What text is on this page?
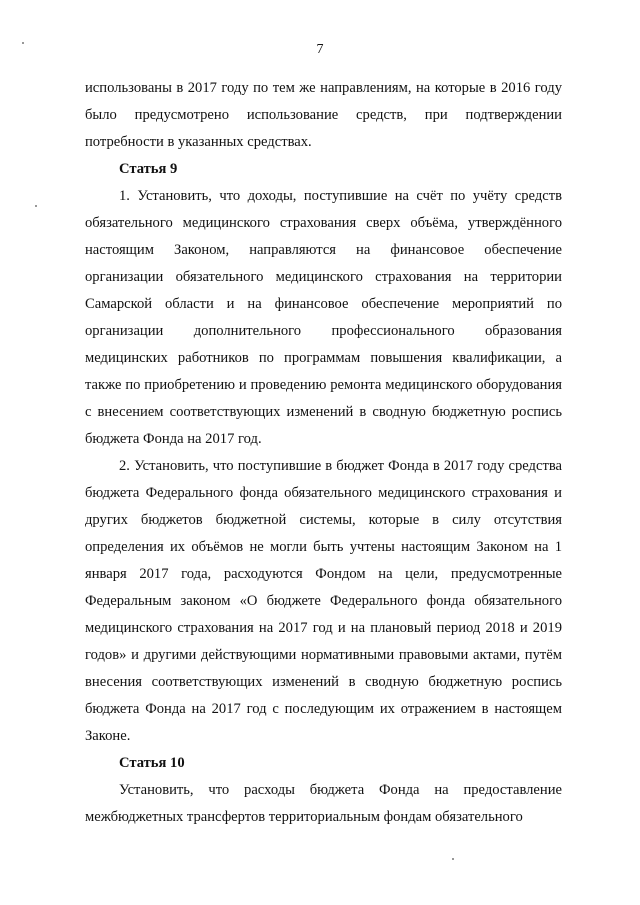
7

использованы в 2017 году по тем же направлениям, на которые в 2016 году было предусмотрено использование средств, при подтверждении потребности в указанных средствах.

Статья 9

1. Установить, что доходы, поступившие на счёт по учёту средств обязательного медицинского страхования сверх объёма, утверждённого настоящим Законом, направляются на финансовое обеспечение организации обязательного медицинского страхования на территории Самарской области и на финансовое обеспечение мероприятий по организации дополнительного профессионального образования медицинских работников по программам повышения квалификации, а также по приобретению и проведению ремонта медицинского оборудования с внесением соответствующих изменений в сводную бюджетную роспись бюджета Фонда на 2017 год.

2. Установить, что поступившие в бюджет Фонда в 2017 году средства бюджета Федерального фонда обязательного медицинского страхования и других бюджетов бюджетной системы, которые в силу отсутствия определения их объёмов не могли быть учтены настоящим Законом на 1 января 2017 года, расходуются Фондом на цели, предусмотренные Федеральным законом «О бюджете Федерального фонда обязательного медицинского страхования на 2017 год и на плановый период 2018 и 2019 годов» и другими действующими нормативными правовыми актами, путём внесения соответствующих изменений в сводную бюджетную роспись бюджета Фонда на 2017 год с последующим их отражением в настоящем Законе.

Статья 10

Установить, что расходы бюджета Фонда на предоставление межбюджетных трансфертов территориальным фондам обязательного
